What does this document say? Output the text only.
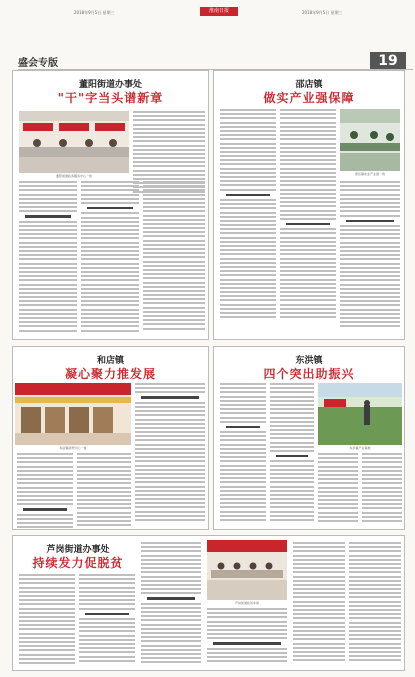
2018年9月5日 星期三	淮南日报	2018年9月5日 星期三
盛会专版	19
董阳街道办事处
"干"字当头谱新章
董阳街道政务服务中心一角
邵店镇
做实产业强保障
邵店镇农业产业园一角
和店镇
凝心聚力推发展
和店镇商贸中心一角
东洪镇
四个突出助振兴
东洪镇产业基地
芦岗街道办事处
持续发力促脱贫
芦岗街道扶贫车间
